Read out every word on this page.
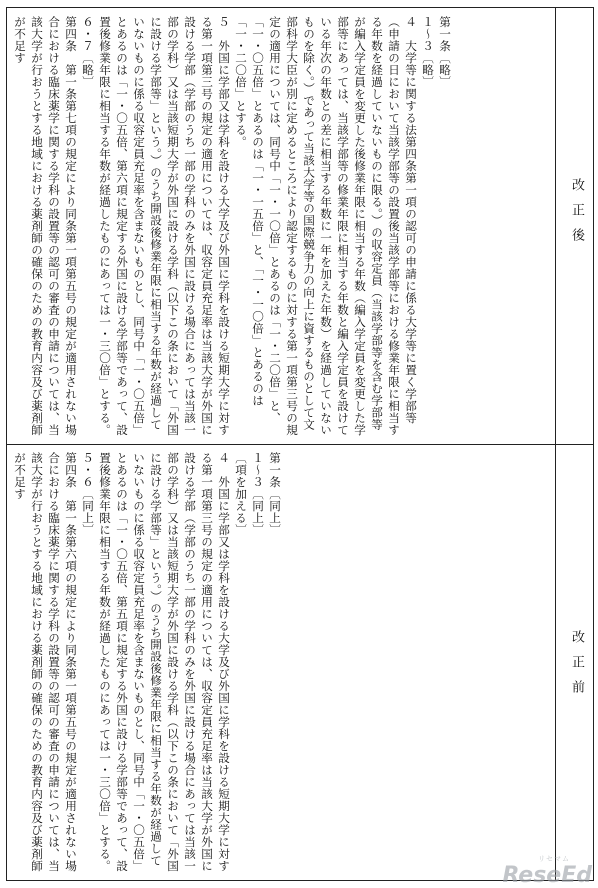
改正後
改正前
第一条〔略〕
１～３〔略〕
４　大学等に関する法第四条第一項の認可の申請に係る大学等に置く学部等（申請の日において当該学部等の設置後当該学部等における修業年限に相当する年数を経過していないものに限る。）の収容定員（当該学部等を含む学部等が編入学定員を変更した後修業年限に相当する年数（編入学定員を変更した学部等にあっては、当該学部等の修業年限に相当する年数と編入学定員を設けている年次の年数との差に相当する年数に一年を加えた年数）を経過していないものを除く。）であって当該大学等の国際競争力の向上に資するものとして文部科学大臣が別に定めるところにより認定するものに対する第一項第三号の規定の適用については、同号中「一・一〇倍」とあるのは「一・二〇倍」と、「一・〇五倍」とあるのは「一・一五倍」と、「一・一〇倍」とあるのは「一・二〇倍」とする。
５　外国に学部又は学科を設ける大学及び外国に学科を設ける短期大学に対する第一項第三号の規定の適用については、収容定員充足率は当該大学が外国に設ける学部（学部のうち一部の学科のみを外国に設ける場合にあっては当該一部の学科）又は当該短期大学が外国に設ける学科（以下この条において「外国に設ける学部等」という。）のうち開設後修業年限に相当する年数が経過していないものに係る収容定員充足率を含まないものとし、同号中「一・〇五倍」とあるのは「一・〇五倍、第六項に規定する外国に設ける学部等であって、設置後修業年限に相当する年数が経過したものにあっては一・三〇倍」とする。
６・７〔略〕
第四条　第一条第七項の規定により同条第一項第五号の規定が適用されない場合における臨床薬学に関する学科の設置等の認可の審査の申請については、当該大学が行おうとする地域における薬剤師の確保のための教育内容及び薬剤師が不足す
第一条〔同上〕
１～３〔同上〕
〔項を加える〕
４　外国に学部又は学科を設ける大学及び外国に学科を設ける短期大学に対する第一項第三号の規定の適用については、収容定員充足率は当該大学が外国に設ける学部（学部のうち一部の学科のみを外国に設ける場合にあっては当該一部の学科）又は当該短期大学が外国に設ける学科（以下この条において「外国に設ける学部等」という。）のうち開設後修業年限に相当する年数が経過していないものに係る収容定員充足率を含まないものとし、同号中「一・〇五倍」とあるのは「一・〇五倍、第五項に規定する外国に設ける学部等であって、設置後修業年限に相当する年数が経過したものにあっては一・三〇倍」とする。
５・６〔同上〕
第四条　第一条第六項の規定により同条第一項第五号の規定が適用されない場合における臨床薬学に関する学科の設置等の認可の審査の申請については、当該大学が行おうとする地域における薬剤師の確保のための教育内容及び薬剤師が不足す
リセマム
ReseEd
